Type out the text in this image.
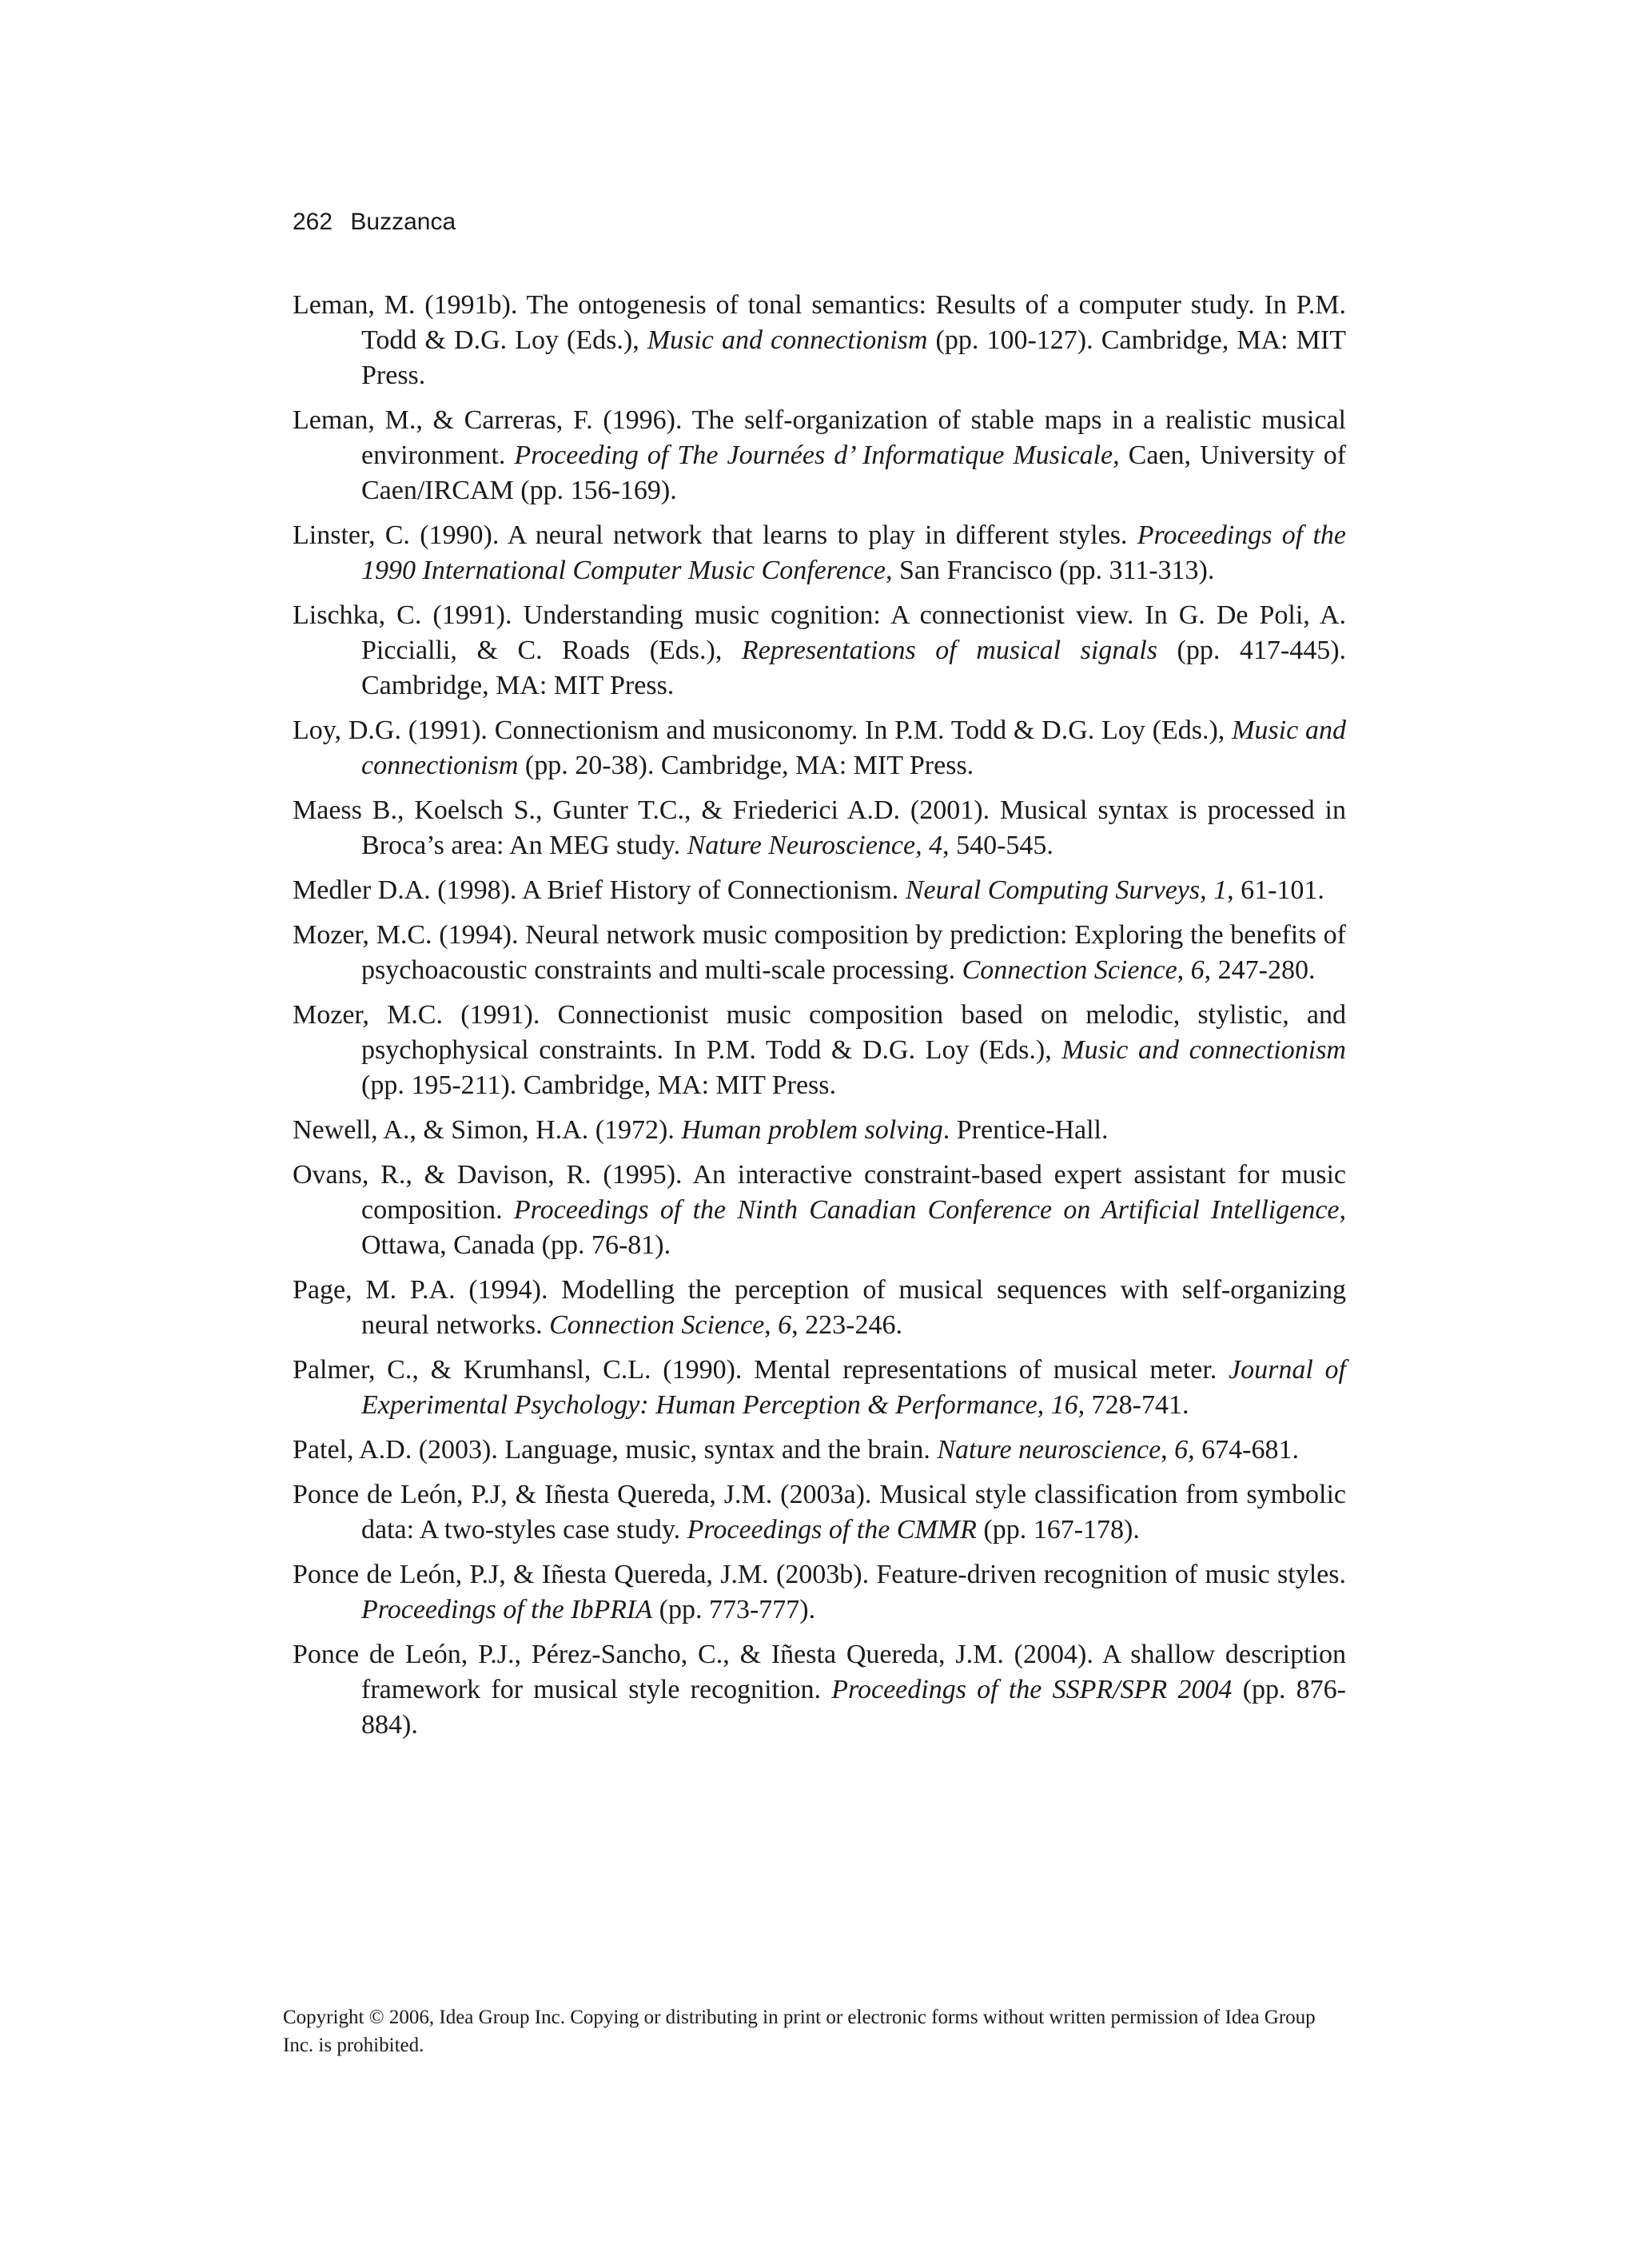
262 Buzzanca

Leman, M. (1991b). The ontogenesis of tonal semantics: Results of a computer study. In P.M. Todd & D.G. Loy (Eds.), Music and connectionism (pp. 100-127). Cambridge, MA: MIT Press.

Leman, M., & Carreras, F. (1996). The self-organization of stable maps in a realistic musical environment. Proceeding of The Journées d’ Informatique Musicale, Caen, University of Caen/IRCAM (pp. 156-169).

Linster, C. (1990). A neural network that learns to play in different styles. Proceedings of the 1990 International Computer Music Conference, San Francisco (pp. 311-313).

Lischka, C. (1991). Understanding music cognition: A connectionist view. In G. De Poli, A. Piccialli, & C. Roads (Eds.), Representations of musical signals (pp. 417-445). Cambridge, MA: MIT Press.

Loy, D.G. (1991). Connectionism and musiconomy. In P.M. Todd & D.G. Loy (Eds.), Music and connectionism (pp. 20-38). Cambridge, MA: MIT Press.

Maess B., Koelsch S., Gunter T.C., & Friederici A.D. (2001). Musical syntax is processed in Broca’s area: An MEG study. Nature Neuroscience, 4, 540-545.

Medler D.A. (1998). A Brief History of Connectionism. Neural Computing Surveys, 1, 61-101.

Mozer, M.C. (1994). Neural network music composition by prediction: Exploring the benefits of psychoacoustic constraints and multi-scale processing. Connection Science, 6, 247-280.

Mozer, M.C. (1991). Connectionist music composition based on melodic, stylistic, and psychophysical constraints. In P.M. Todd & D.G. Loy (Eds.), Music and connectionism (pp. 195-211). Cambridge, MA: MIT Press.

Newell, A., & Simon, H.A. (1972). Human problem solving. Prentice-Hall.

Ovans, R., & Davison, R. (1995). An interactive constraint-based expert assistant for music composition. Proceedings of the Ninth Canadian Conference on Artificial Intelligence, Ottawa, Canada (pp. 76-81).

Page, M. P.A. (1994). Modelling the perception of musical sequences with self-organizing neural networks. Connection Science, 6, 223-246.

Palmer, C., & Krumhansl, C.L. (1990). Mental representations of musical meter. Journal of Experimental Psychology: Human Perception & Performance, 16, 728-741.

Patel, A.D. (2003). Language, music, syntax and the brain. Nature neuroscience, 6, 674-681.

Ponce de León, P.J, & Iñesta Quereda, J.M. (2003a). Musical style classification from symbolic data: A two-styles case study. Proceedings of the CMMR (pp. 167-178).

Ponce de León, P.J, & Iñesta Quereda, J.M. (2003b). Feature-driven recognition of music styles. Proceedings of the IbPRIA (pp. 773-777).

Ponce de León, P.J., Pérez-Sancho, C., & Iñesta Quereda, J.M. (2004). A shallow description framework for musical style recognition. Proceedings of the SSPR/SPR 2004 (pp. 876-884).

Copyright © 2006, Idea Group Inc. Copying or distributing in print or electronic forms without written permission of Idea Group Inc. is prohibited.
